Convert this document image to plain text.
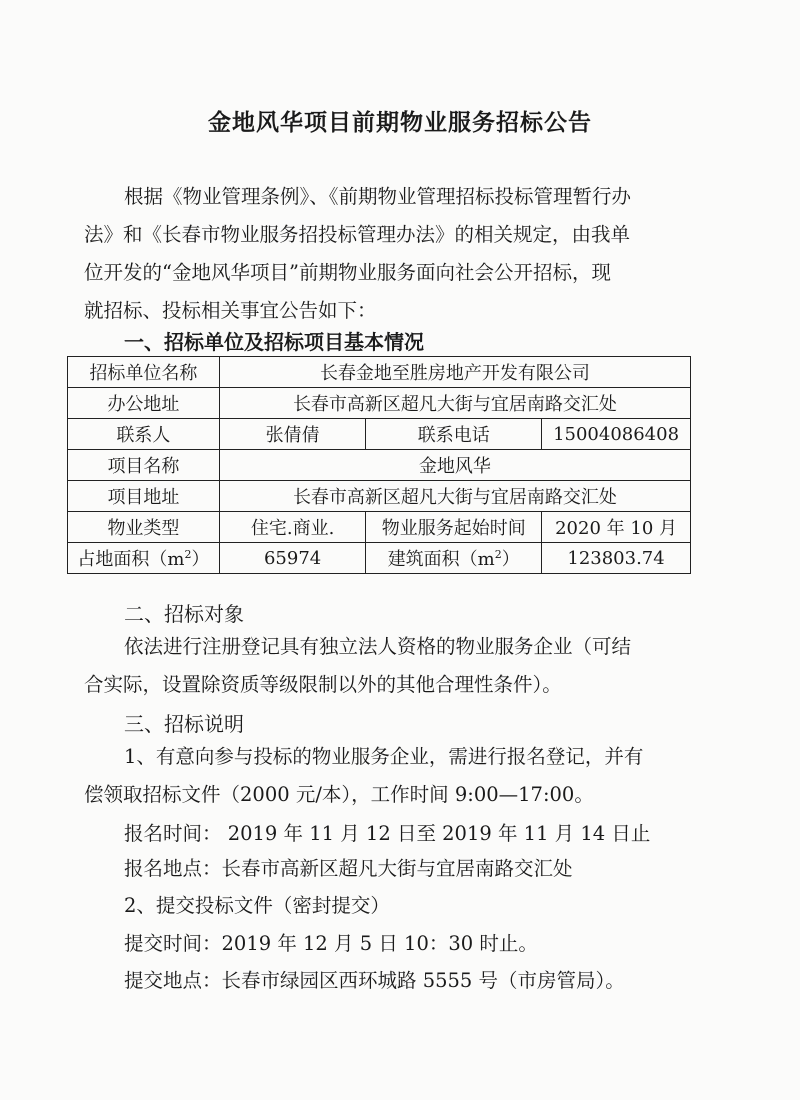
金地风华项目前期物业服务招标公告
根据《物业管理条例》、《前期物业管理招标投标管理暂行办
法》和《长春市物业服务招投标管理办法》的相关规定，由我单
位开发的“金地风华项目”前期物业服务面向社会公开招标，现
就招标、投标相关事宜公告如下：
一、招标单位及招标项目基本情况
招标单位名称	长春金地至胜房地产开发有限公司		
办公地址	长春市高新区超凡大街与宜居南路交汇处		
联系人	张倩倩	联系电话	15004086408
项目名称	金地风华		
项目地址	长春市高新区超凡大街与宜居南路交汇处		
物业类型	住宅.商业.	物业服务起始时间	2020 年 10 月
占地面积$(m^2)$	65974	建筑面积$(m^2)$	123803.74
二、招标对象
依法进行注册登记具有独立法人资格的物业服务企业（可结
合实际，设置除资质等级限制以外的其他合理性条件）。
三、招标说明
1、有意向参与投标的物业服务企业，需进行报名登记，并有
偿领取招标文件（2000 元/本），工作时间 9:00—17:00。
报名时间： 2019 年 11 月 12 日至 2019 年 11 月 14 日止
报名地点：长春市高新区超凡大街与宜居南路交汇处
2、提交投标文件（密封提交）
提交时间：2019 年 12 月 5 日 10：30 时止。
提交地点：长春市绿园区西环城路 5555 号（市房管局）。
